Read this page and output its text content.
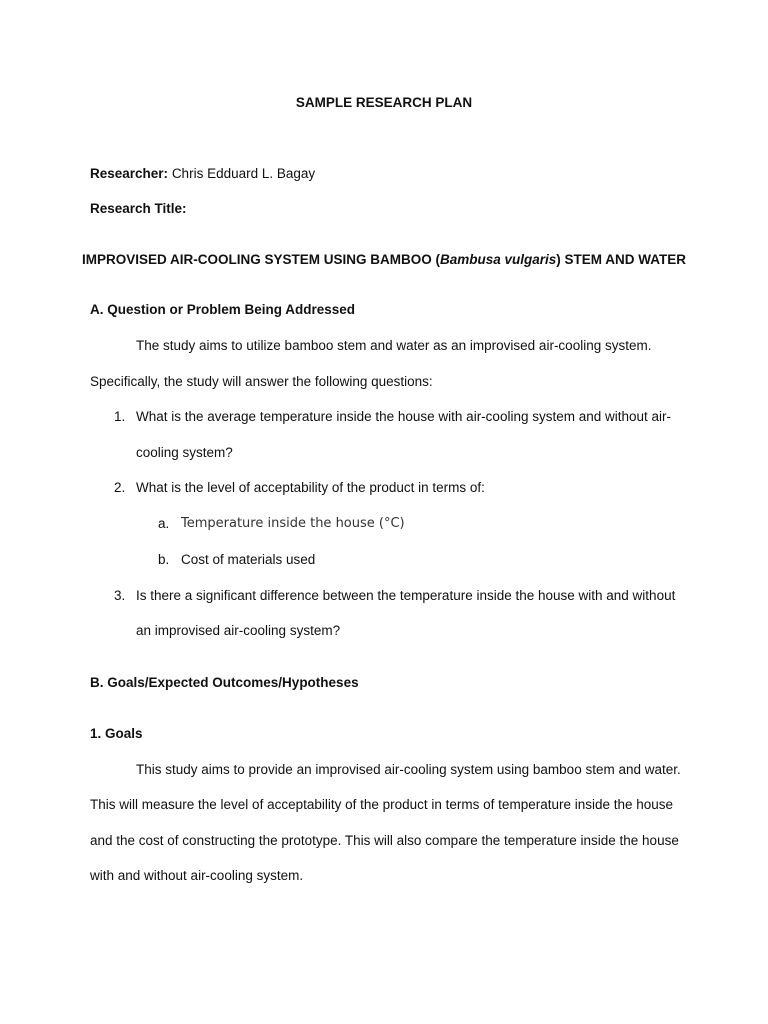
SAMPLE RESEARCH PLAN
Researcher: Chris Edduard L. Bagay
Research Title:
IMPROVISED AIR-COOLING SYSTEM USING BAMBOO (Bambusa vulgaris) STEM AND WATER
A. Question or Problem Being Addressed
The study aims to utilize bamboo stem and water as an improvised air-cooling system.
Specifically, the study will answer the following questions:
1. What is the average temperature inside the house with air-cooling system and without air-
cooling system?
2. What is the level of acceptability of the product in terms of:
a. Temperature inside the house (°C)
b. Cost of materials used
3. Is there a significant difference between the temperature inside the house with and without
an improvised air-cooling system?
B. Goals/Expected Outcomes/Hypotheses
1. Goals
This study aims to provide an improvised air-cooling system using bamboo stem and water.
This will measure the level of acceptability of the product in terms of temperature inside the house
and the cost of constructing the prototype. This will also compare the temperature inside the house
with and without air-cooling system.
